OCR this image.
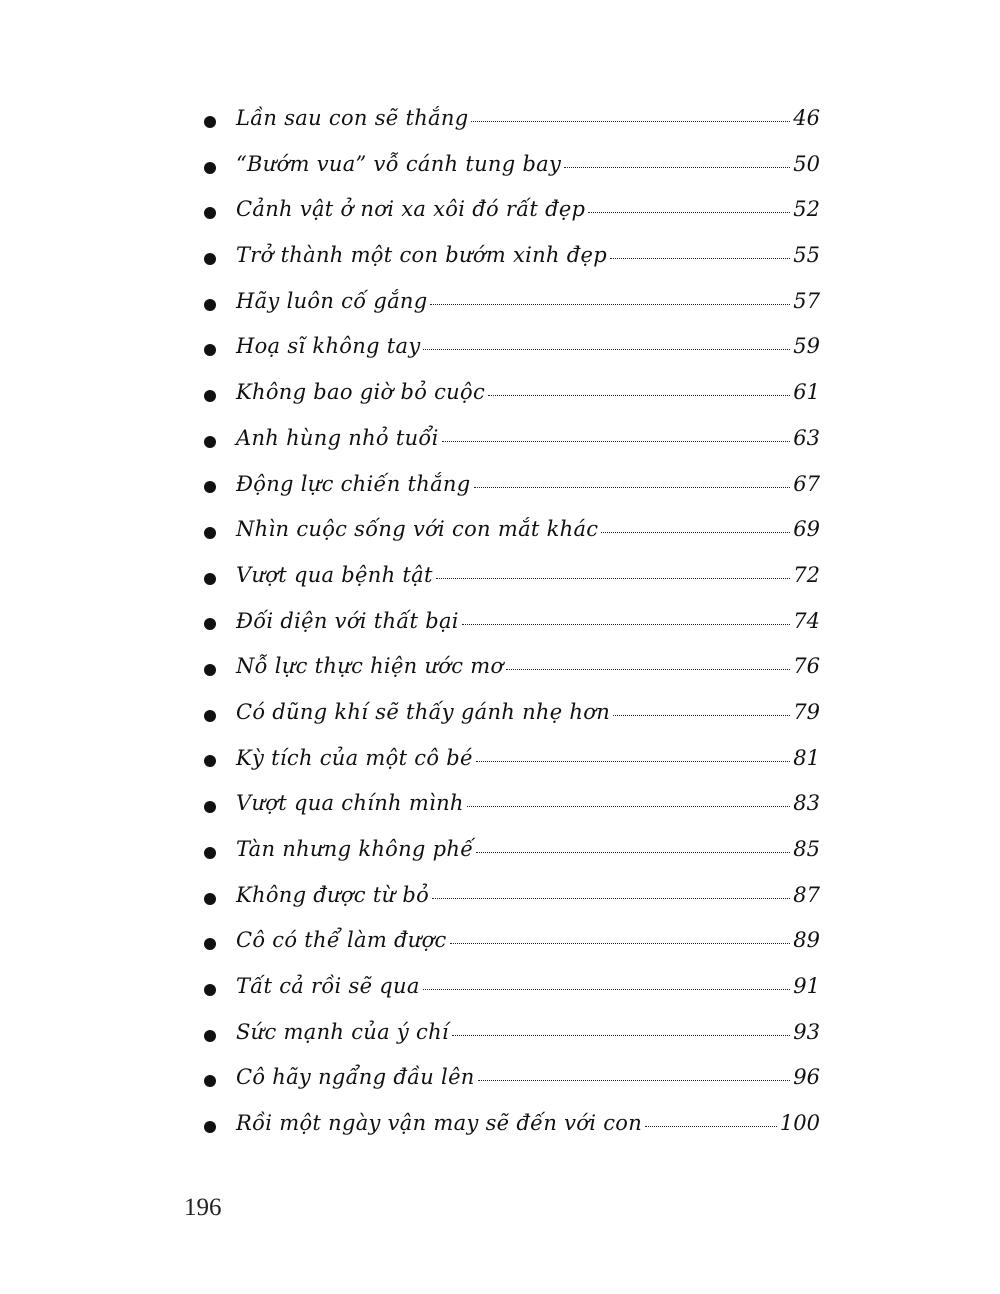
Lần sau con sẽ thắng	46
“Bướm vua” vỗ cánh tung bay	50
Cảnh vật ở nơi xa xôi đó rất đẹp	52
Trở thành một con bướm xinh đẹp	55
Hãy luôn cố gắng	57
Hoạ sĩ không tay	59
Không bao giờ bỏ cuộc	61
Anh hùng nhỏ tuổi	63
Động lực chiến thắng	67
Nhìn cuộc sống với con mắt khác	69
Vượt qua bệnh tật	72
Đối diện với thất bại	74
Nỗ lực thực hiện ước mơ	76
Có dũng khí sẽ thấy gánh nhẹ hơn	79
Kỳ tích của một cô bé	81
Vượt qua chính mình	83
Tàn nhưng không phế	85
Không được từ bỏ	87
Cô có thể làm được	89
Tất cả rồi sẽ qua	91
Sức mạnh của ý chí	93
Cô hãy ngẩng đầu lên	96
Rồi một ngày vận may sẽ đến với con	100
196
